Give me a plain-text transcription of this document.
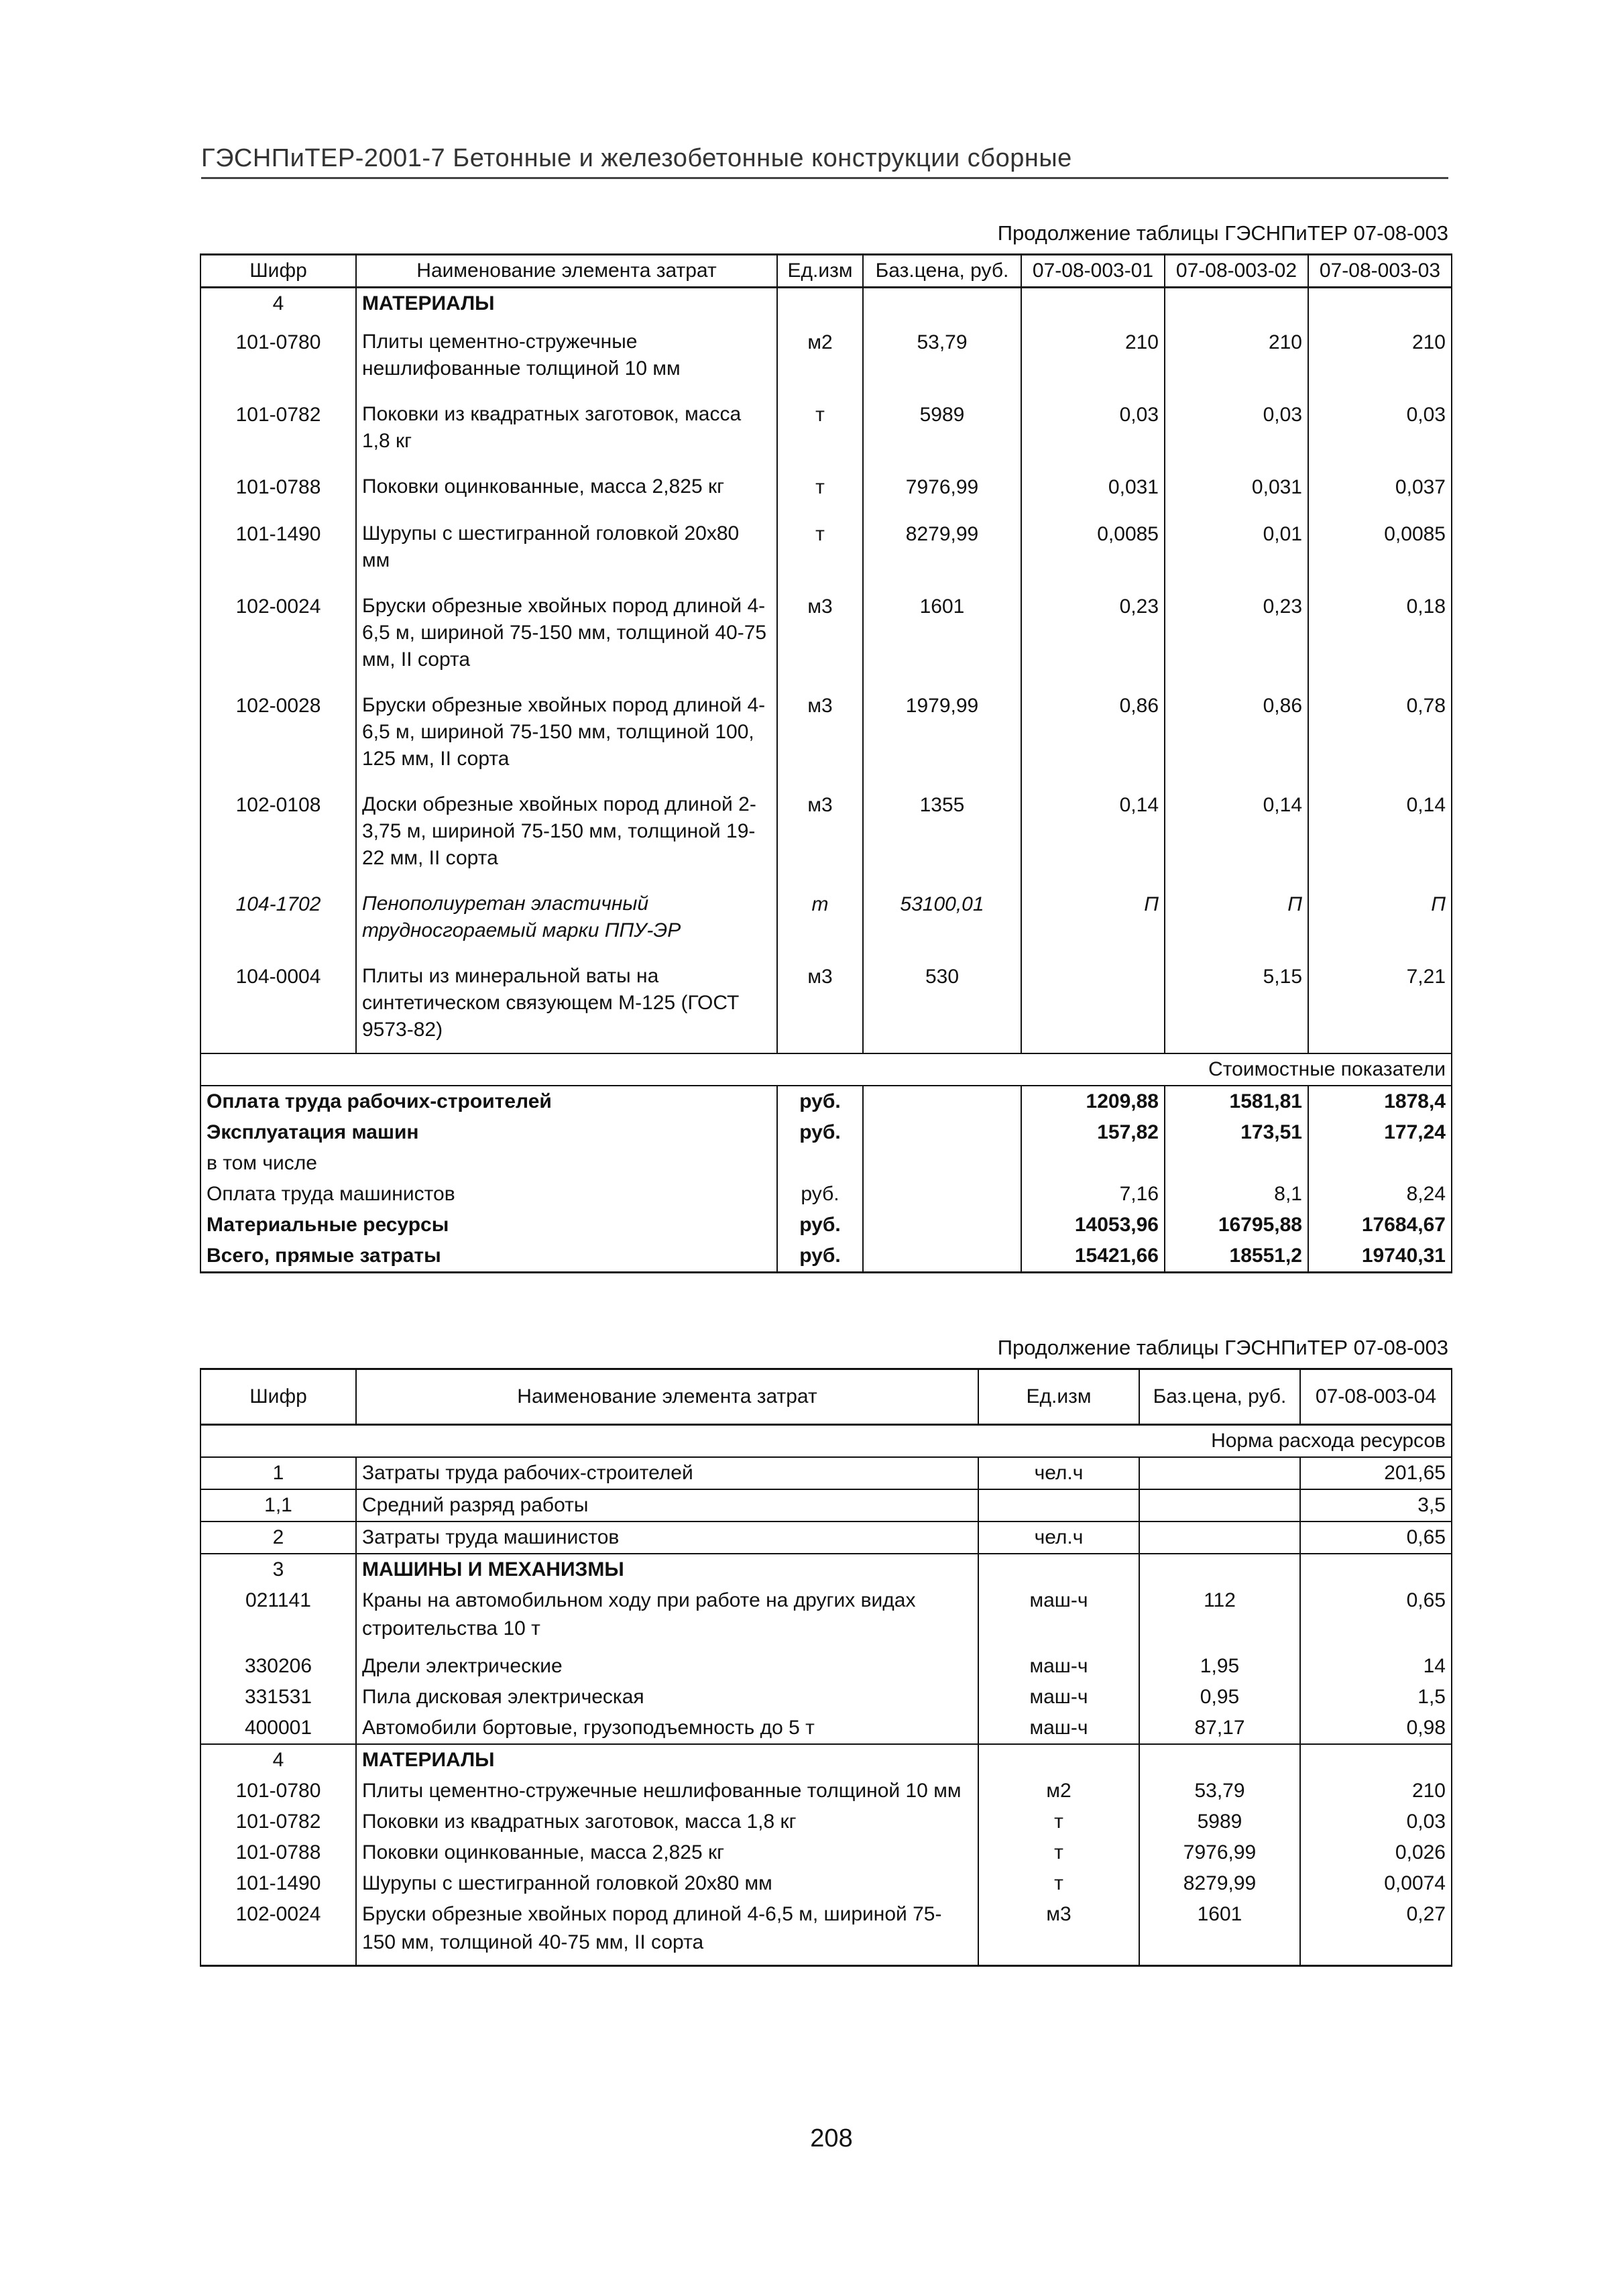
ГЭСНПиТЕР-2001-7 Бетонные и железобетонные конструкции сборные
Продолжение таблицы ГЭСНПиТЕР 07-08-003
Шифр	Наименование элемента затрат	Ед.изм	Баз.цена, руб.	07-08-003-01	07-08-003-02	07-08-003-03
4	МАТЕРИАЛЫ					
101-0780	Плиты цементно-стружечные нешлифованные толщиной 10 мм	м2	53,79	210	210	210
101-0782	Поковки из квадратных заготовок, масса 1,8 кг	т	5989	0,03	0,03	0,03
101-0788	Поковки оцинкованные, масса 2,825 кг	т	7976,99	0,031	0,031	0,037
101-1490	Шурупы с шестигранной головкой 20х80 мм	т	8279,99	0,0085	0,01	0,0085
102-0024	Бруски обрезные хвойных пород длиной 4-6,5 м, шириной 75-150 мм, толщиной 40-75 мм, II сорта	м3	1601	0,23	0,23	0,18
102-0028	Бруски обрезные хвойных пород длиной 4-6,5 м, шириной 75-150 мм, толщиной 100, 125 мм, II сорта	м3	1979,99	0,86	0,86	0,78
102-0108	Доски обрезные хвойных пород длиной 2-3,75 м, шириной 75-150 мм, толщиной 19-22 мм, II сорта	м3	1355	0,14	0,14	0,14
104-1702	Пенополиуретан эластичный трудносгораемый марки ППУ-ЭР	т	53100,01	П	П	П
104-0004	Плиты из минеральной ваты на синтетическом связующем М-125 (ГОСТ 9573-82)	м3	530		5,15	7,21
Стоимостные показатели						
Оплата труда рабочих-строителей		руб.		1209,88	1581,81	1878,4
Эксплуатация машин		руб.		157,82	173,51	177,24
в том числе						
Оплата труда машинистов		руб.		7,16	8,1	8,24
Материальные ресурсы		руб.		14053,96	16795,88	17684,67
Всего, прямые затраты		руб.		15421,66	18551,2	19740,31
Продолжение таблицы ГЭСНПиТЕР 07-08-003
Шифр	Наименование элемента затрат	Ед.изм	Баз.цена, руб.	07-08-003-04
Норма расхода ресурсов				
1	Затраты труда рабочих-строителей	чел.ч		201,65
1,1	Средний разряд работы			3,5
2	Затраты труда машинистов	чел.ч		0,65
3	МАШИНЫ И МЕХАНИЗМЫ			
021141	Краны на автомобильном ходу при работе на других видах строительства 10 т	маш-ч	112	0,65
330206	Дрели электрические	маш-ч	1,95	14
331531	Пила дисковая электрическая	маш-ч	0,95	1,5
400001	Автомобили бортовые, грузоподъемность до 5 т	маш-ч	87,17	0,98
4	МАТЕРИАЛЫ			
101-0780	Плиты цементно-стружечные нешлифованные толщиной 10 мм	м2	53,79	210
101-0782	Поковки из квадратных заготовок, масса 1,8 кг	т	5989	0,03
101-0788	Поковки оцинкованные, масса 2,825 кг	т	7976,99	0,026
101-1490	Шурупы с шестигранной головкой 20х80 мм	т	8279,99	0,0074
102-0024	Бруски обрезные хвойных пород длиной 4-6,5 м, шириной 75-150 мм, толщиной 40-75 мм, II сорта	м3	1601	0,27
208
